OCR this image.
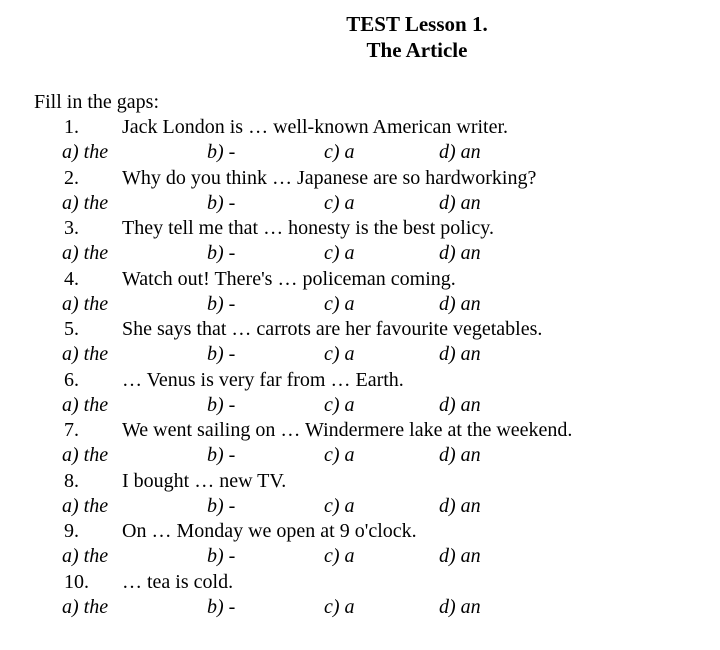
TEST Lesson 1.
The Article
Fill in the gaps:
1. Jack London is … well-known American writer.
a) the	b) -	c) a	d) an
2. Why do you think … Japanese are so hardworking?
a) the	b) -	c) a	d) an
3. They tell me that … honesty is the best policy.
a) the	b) -	c) a	d) an
4. Watch out! There's … policeman coming.
a) the	b) -	c) a	d) an
5. She says that … carrots are her favourite vegetables.
a) the	b) -	c) a	d) an
6. … Venus is very far from … Earth.
a) the	b) -	c) a	d) an
7. We went sailing on … Windermere lake at the weekend.
a) the	b) -	c) a	d) an
8. I bought … new TV.
a) the	b) -	c) a	d) an
9. On … Monday we open at 9 o'clock.
a) the	b) -	c) a	d) an
10. … tea is cold.
a) the	b) -	c) a	d) an
